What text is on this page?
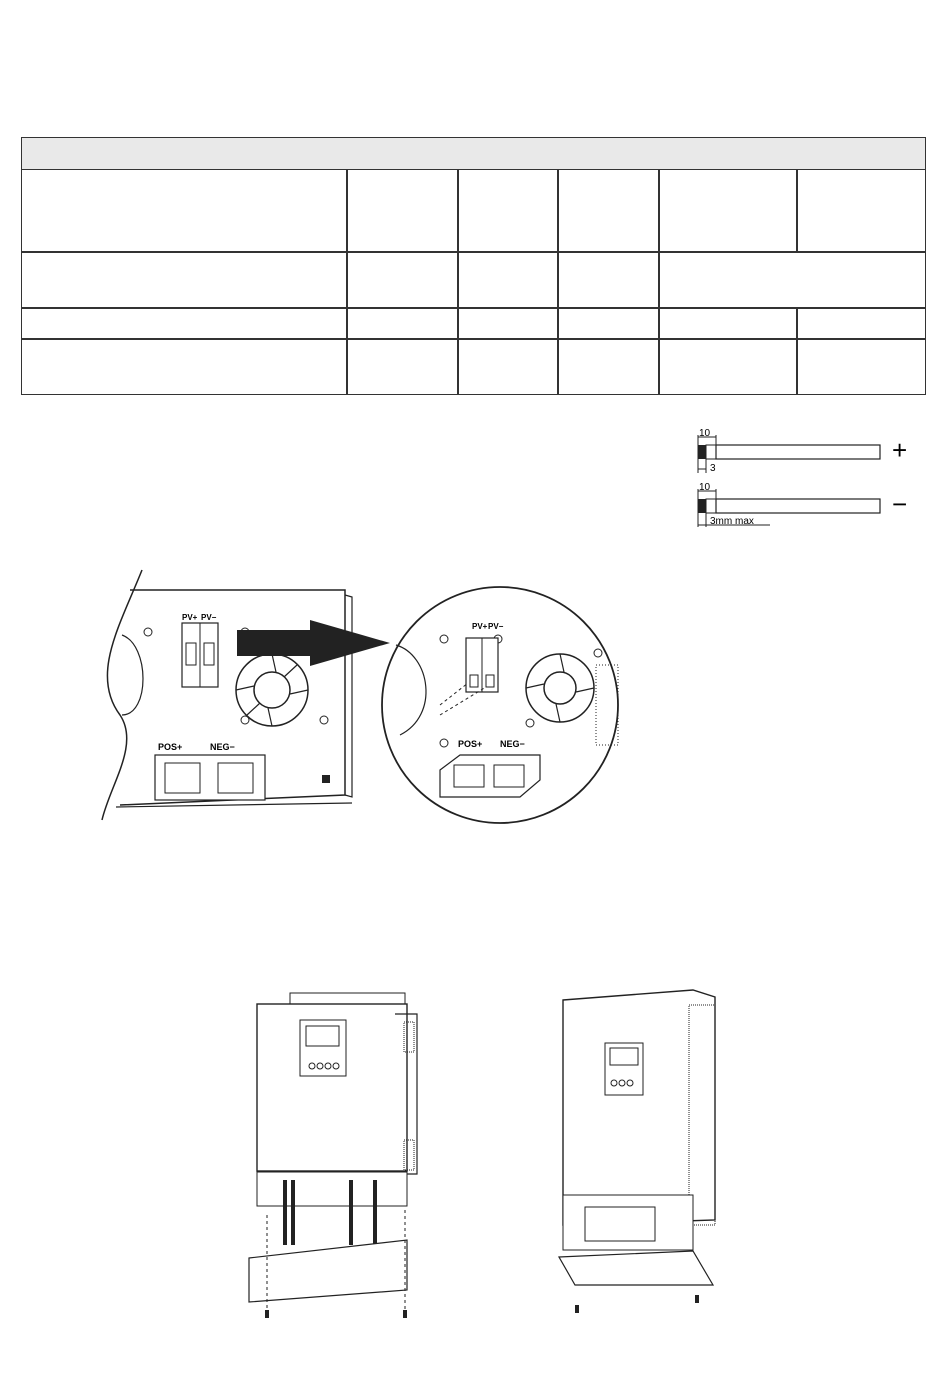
10
3
+
10
3mm max
−
PV+ PV−
POS+	NEG−
PV+ PV−
POS+ NEG−
